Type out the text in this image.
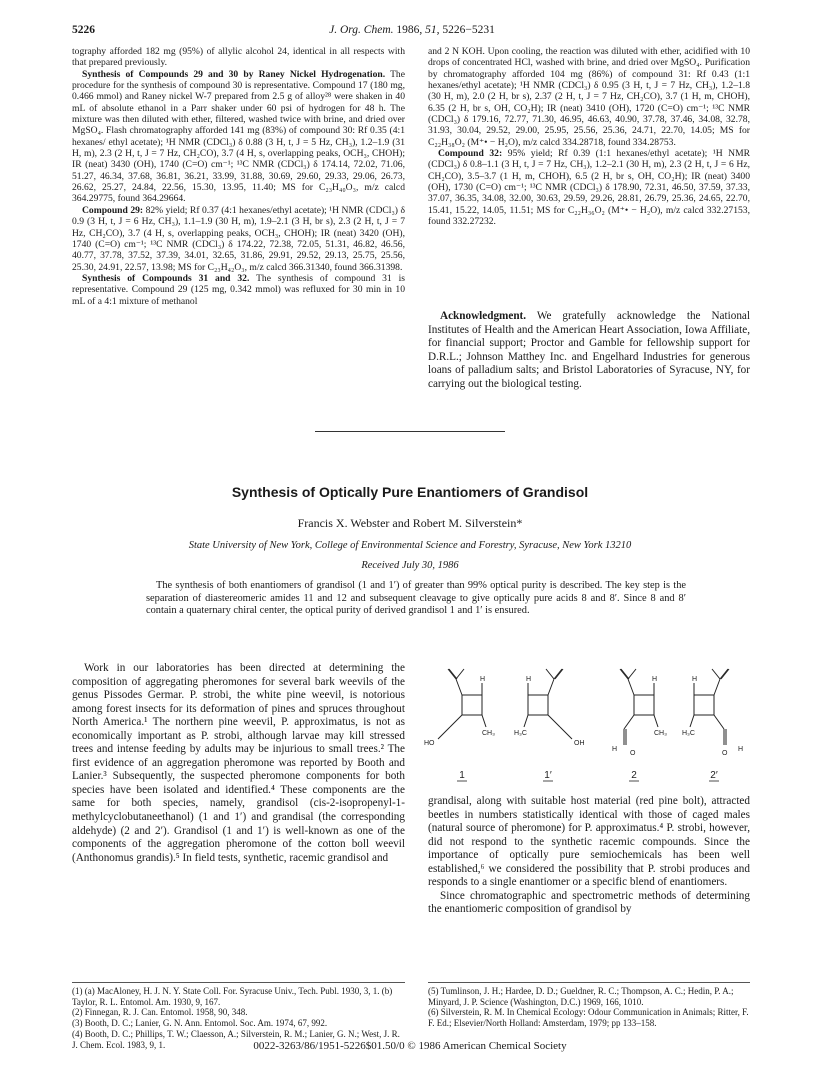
5226	J. Org. Chem. 1986, 51, 5226−5231

tography afforded 182 mg (95%) of allylic alcohol 24, identical in all respects with that prepared previously.

Synthesis of Compounds 29 and 30 by Raney Nickel Hydrogenation. The procedure for the synthesis of compound 30 is representative. Compound 17 (180 mg, 0.466 mmol) and Raney nickel W-7 prepared from 2.5 g of alloy²⁸ were shaken in 40 mL of absolute ethanol in a Parr shaker under 60 psi of hydrogen for 48 h. The mixture was then diluted with ether, filtered, washed twice with brine, and dried over MgSO₄. Flash chromatography afforded 141 mg (83%) of compound 30: Rf 0.35 (4:1 hexanes/ ethyl acetate); ¹H NMR (CDCl₃) δ 0.88 (3 H, t, J = 5 Hz, CH₃), 1.2–1.9 (31 H, m), 2.3 (2 H, t, J = 7 Hz, CH₂CO), 3.7 (4 H, s, overlapping peaks, OCH₃, CHOH); IR (neat) 3430 (OH), 1740 (C=O) cm⁻¹; ¹³C NMR (CDCl₃) δ 174.14, 72.02, 71.06, 51.27, 46.34, 37.68, 36.81, 36.21, 33.99, 31.88, 30.69, 29.60, 29.33, 29.06, 26.73, 26.62, 25.27, 24.84, 22.56, 15.30, 13.95, 11.40; MS for C₂₃H₄₀O₃, m/z calcd 364.29775, found 364.29664.

Compound 29: 82% yield; Rf 0.37 (4:1 hexanes/ethyl acetate); ¹H NMR (CDCl₃) δ 0.9 (3 H, t, J = 6 Hz, CH₃), 1.1–1.9 (30 H, m), 1.9–2.1 (3 H, br s), 2.3 (2 H, t, J = 7 Hz, CH₂CO), 3.7 (4 H, s, overlapping peaks, OCH₃, CHOH); IR (neat) 3420 (OH), 1740 (C=O) cm⁻¹; ¹³C NMR (CDCl₃) δ 174.22, 72.38, 72.05, 51.31, 46.82, 46.56, 40.77, 37.78, 37.52, 37.39, 34.01, 32.65, 31.86, 29.91, 29.52, 29.13, 25.75, 25.56, 25.30, 24.91, 22.57, 13.98; MS for C₂₃H₄₂O₃, m/z calcd 366.31340, found 366.31398.

Synthesis of Compounds 31 and 32. The synthesis of compound 31 is representative. Compound 29 (125 mg, 0.342 mmol) was refluxed for 30 min in 10 mL of a 4:1 mixture of methanol

and 2 N KOH. Upon cooling, the reaction was diluted with ether, acidified with 10 drops of concentrated HCl, washed with brine, and dried over MgSO₄. Purification by chromatography afforded 104 mg (86%) of compound 31: Rf 0.43 (1:1 hexanes/ethyl acetate); ¹H NMR (CDCl₃) δ 0.95 (3 H, t, J = 7 Hz, CH₃), 1.2–1.8 (30 H, m), 2.0 (2 H, br s), 2.37 (2 H, t, J = 7 Hz, CH₂CO), 3.7 (1 H, m, CHOH), 6.35 (2 H, br s, OH, CO₂H); IR (neat) 3410 (OH), 1720 (C=O) cm⁻¹; ¹³C NMR (CDCl₃) δ 179.16, 72.77, 71.30, 46.95, 46.63, 40.90, 37.78, 37.46, 34.08, 32.78, 31.93, 30.04, 29.52, 29.00, 25.95, 25.56, 25.36, 24.71, 22.70, 14.05; MS for C₂₂H₃₈O₂ (M⁺• − H₂O), m/z calcd 334.28718, found 334.28753.

Compound 32: 95% yield; Rf 0.39 (1:1 hexanes/ethyl acetate); ¹H NMR (CDCl₃) δ 0.8–1.1 (3 H, t, J = 7 Hz, CH₃), 1.2–2.1 (30 H, m), 2.3 (2 H, t, J = 6 Hz, CH₂CO), 3.5–3.7 (1 H, m, CHOH), 6.5 (2 H, br s, OH, CO₂H); IR (neat) 3400 (OH), 1730 (C=O) cm⁻¹; ¹³C NMR (CDCl₃) δ 178.90, 72.31, 46.50, 37.59, 37.33, 37.07, 36.35, 34.08, 32.00, 30.63, 29.59, 29.26, 28.81, 26.79, 25.36, 24.65, 22.70, 15.41, 15.22, 14.05, 11.51; MS for C₂₂H₃₆O₂ (M⁺• − H₂O), m/z calcd 332.27153, found 332.27232.

Acknowledgment. We gratefully acknowledge the National Institutes of Health and the American Heart Association, Iowa Affiliate, for financial support; Proctor and Gamble for fellowship support for D.R.L.; Johnson Matthey Inc. and Engelhard Industries for generous loans of palladium salts; and Bristol Laboratories of Syracuse, NY, for carrying out the biological testing.
Synthesis of Optically Pure Enantiomers of Grandisol
Francis X. Webster and Robert M. Silverstein*
State University of New York, College of Environmental Science and Forestry, Syracuse, New York 13210
Received July 30, 1986

The synthesis of both enantiomers of grandisol (1 and 1′) of greater than 99% optical purity is described. The key step is the separation of diastereomeric amides 11 and 12 and subsequent cleavage to give optically pure acids 8 and 8′. Since 8 and 8′ contain a quaternary chiral center, the optical purity of derived grandisol 1 and 1′ is ensured.

Work in our laboratories has been directed at determining the composition of aggregating pheromones for several bark weevils of the genus Pissodes Germar. P. strobi, the white pine weevil, is notorious among forest insects for its deformation of pines and spruces throughout North America.¹ The northern pine weevil, P. approximatus, is not as economically important as P. strobi, although larvae may kill stressed trees and intense feeding by adults may be injurious to small trees.² The first evidence of an aggregation pheromone was reported by Booth and Lanier.³ Subsequently, the suspected pheromone components for both species have been isolated and identified.⁴ These components are the same for both species, namely, grandisol (cis-2-isopropenyl-1-methylcyclobutaneethanol) (1 and 1′) and grandisal (the corresponding aldehyde) (2 and 2′). Grandisol (1 and 1′) is well-known as one of the components of the aggregation pheromone of the cotton boll weevil (Anthonomus grandis).⁵ In field tests, synthetic, racemic grandisol and

HO
H
CH₃
H
OH
H₃C
H
CH₃
H
O
H
H₃C
O
H
1	1′	2	2′

grandisal, along with suitable host material (red pine bolt), attracted beetles in numbers statistically identical with those of caged males (natural source of pheromone) for P. approximatus.⁴ P. strobi, however, did not respond to the synthetic racemic compounds. Since the importance of optically pure semiochemicals has been well established,⁶ we considered the possibility that P. strobi produces and responds to a single enantiomer or a specific blend of enantiomers.

Since chromatographic and spectrometric methods of determining the enantiomeric composition of grandisol by

(1) (a) MacAloney, H. J. N. Y. State Coll. For. Syracuse Univ., Tech. Publ. 1930, 3, 1. (b) Taylor, R. L. Entomol. Am. 1930, 9, 167.

(2) Finnegan, R. J. Can. Entomol. 1958, 90, 348.

(3) Booth, D. C.; Lanier, G. N. Ann. Entomol. Soc. Am. 1974, 67, 992.

(4) Booth, D. C.; Phillips, T. W.; Claesson, A.; Silverstein, R. M.; Lanier, G. N.; West, J. R. J. Chem. Ecol. 1983, 9, 1.

(5) Tumlinson, J. H.; Hardee, D. D.; Gueldner, R. C.; Thompson, A. C.; Hedin, P. A.; Minyard, J. P. Science (Washington, D.C.) 1969, 166, 1010.

(6) Silverstein, R. M. In Chemical Ecology: Odour Communication in Animals; Ritter, F. F. Ed.; Elsevier/North Holland: Amsterdam, 1979; pp 133–158.

0022-3263/86/1951-5226$01.50/0 © 1986 American Chemical Society
